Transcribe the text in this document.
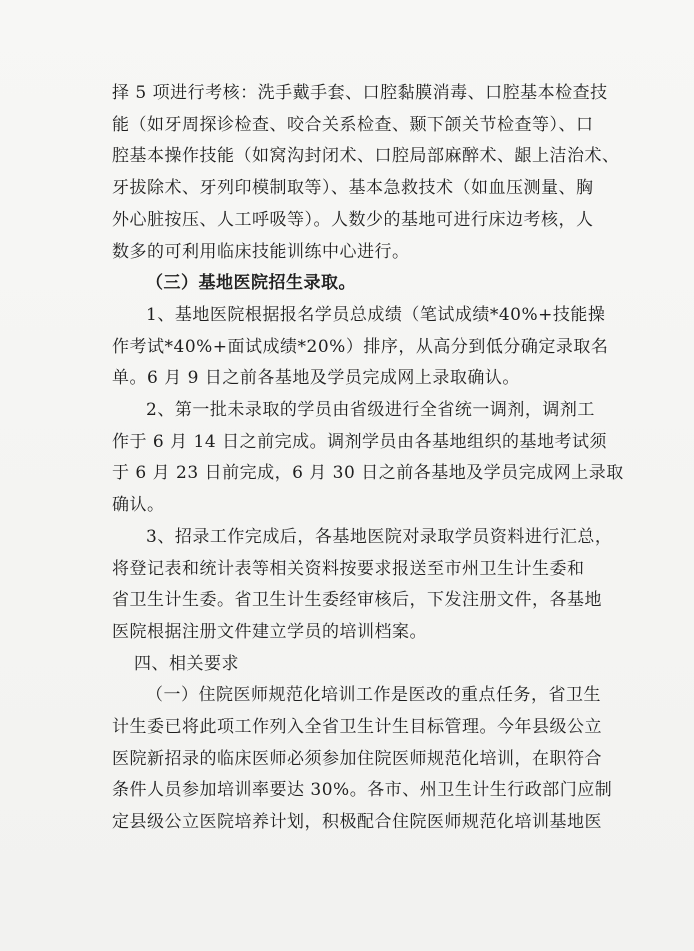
择 5 项进行考核：洗手戴手套、口腔黏膜消毒、口腔基本检查技
能（如牙周探诊检查、咬合关系检查、颞下颌关节检查等）、口
腔基本操作技能（如窝沟封闭术、口腔局部麻醉术、龈上洁治术、
牙拔除术、牙列印模制取等）、基本急救技术（如血压测量、胸
外心脏按压、人工呼吸等）。人数少的基地可进行床边考核，人
数多的可利用临床技能训练中心进行。

（三）基地医院招生录取。

1、基地医院根据报名学员总成绩（笔试成绩*40%+技能操
作考试*40%+面试成绩*20%）排序，从高分到低分确定录取名
单。6 月 9 日之前各基地及学员完成网上录取确认。

2、第一批未录取的学员由省级进行全省统一调剂，调剂工
作于 6 月 14 日之前完成。调剂学员由各基地组织的基地考试须
于 6 月 23 日前完成，6 月 30 日之前各基地及学员完成网上录取
确认。

3、招录工作完成后，各基地医院对录取学员资料进行汇总，
将登记表和统计表等相关资料按要求报送至市州卫生计生委和
省卫生计生委。省卫生计生委经审核后，下发注册文件，各基地
医院根据注册文件建立学员的培训档案。

四、相关要求

（一）住院医师规范化培训工作是医改的重点任务，省卫生
计生委已将此项工作列入全省卫生计生目标管理。今年县级公立
医院新招录的临床医师必须参加住院医师规范化培训，在职符合
条件人员参加培训率要达 30%。各市、州卫生计生行政部门应制
定县级公立医院培养计划，积极配合住院医师规范化培训基地医
